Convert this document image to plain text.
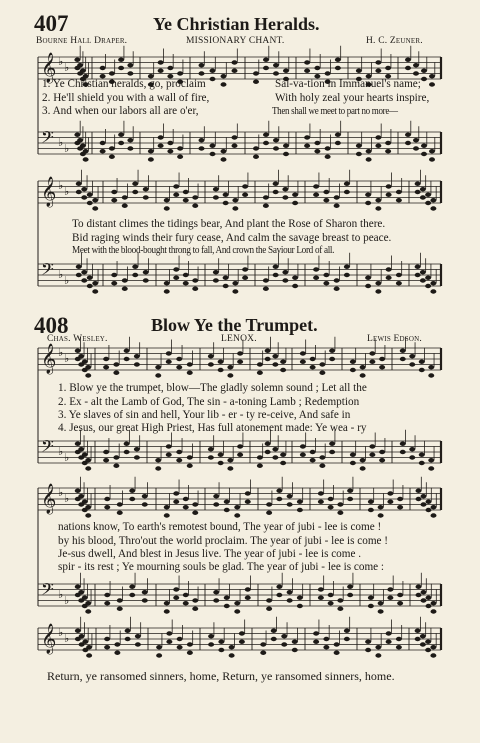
407	Ye Christian Heralds.
Bourne Hall Draper.	MISSIONARY CHANT.	H. C. Zeuner.
𝄞 ♭ ♭
𝄢 ♭ ♭
1. Ye Christian heralds, go, proclaim	Sal-va-tion in Immanuel's name;
2. He'll shield you with a wall of fire,	With holy zeal your hearts inspire,
3. And when our labors all are o'er,	Then shall we meet to part no more—
𝄞 ♭ ♭
𝄢 ♭ ♭
To distant climes the tidings bear, And plant the Rose of Sharon there.
Bid raging winds their fury cease, And calm the savage breast to peace.
Meet with the blood-bought throng to fall, And crown the Saviour Lord of all.
408	Blow Ye the Trumpet.
Chas. Wesley.	LENOX.	Lewis Edson.
𝄞 ♭ ♭
𝄢 ♭ ♭
1. Blow ye the trumpet, blow—The gladly solemn sound ; Let all the
2. Ex - alt the Lamb of God, The sin - a-toning Lamb ; Redemption
3. Ye slaves of sin and hell, Your lib - er - ty re-ceive, And safe in
4. Jesus, our great High Priest, Has full atonement made: Ye wea - ry
𝄞 ♭ ♭
𝄢 ♭ ♭
nations know, To earth's remotest bound, The year of jubi - lee is come !
by his blood, Thro'out the world proclaim. The year of jubi - lee is come !
Je-sus dwell, And blest in Jesus live. The year of jubi - lee is come .
spir - its rest ; Ye mourning souls be glad. The year of jubi - lee is come :
𝄞 ♭ ♭
Return, ye ransomed sinners, home, Return, ye ransomed sinners, home.
